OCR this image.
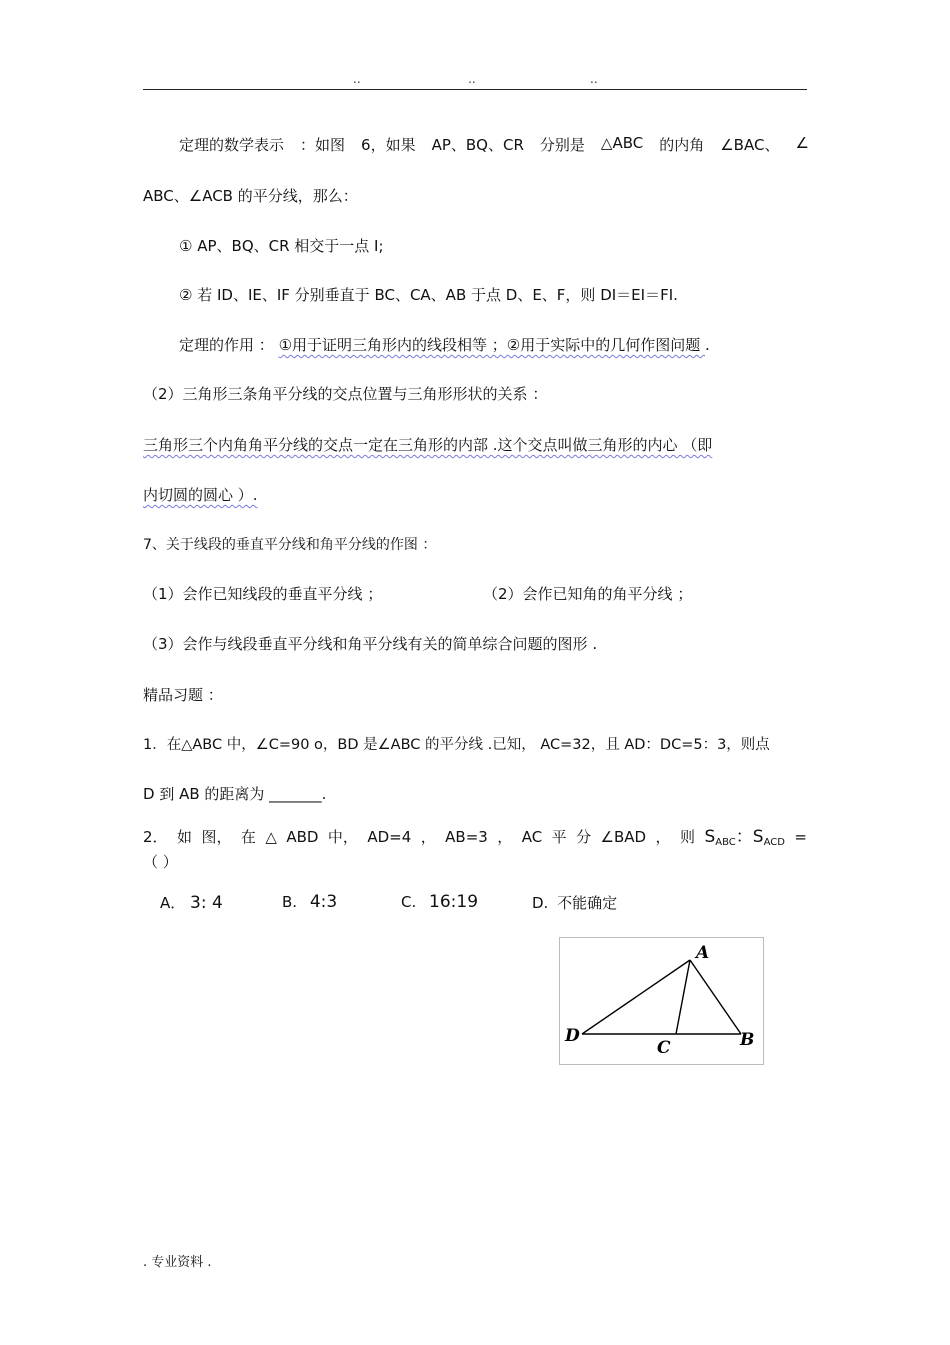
..	..	..
定理的数学表示 ：如图 6，如果 AP、BQ、CR 分别是 △ABC 的内角 ∠BAC、 ∠
ABC、∠ACB 的平分线，那么：
① AP、BQ、CR 相交于一点 I;
② 若 ID、IE、IF 分别垂直于 BC、CA、AB 于点 D、E、F，则 DI＝EI＝FI.
定理的作用 ： ①用于证明三角形内的线段相等 ；②用于实际中的几何作图问题 .
（2）三角形三条角平分线的交点位置与三角形形状的关系 ：
三角形三个内角角平分线的交点一定在三角形的内部 .这个交点叫做三角形的内心 （即
内切圆的圆心 ）.
7、关于线段的垂直平分线和角平分线的作图 ：
（1）会作已知线段的垂直平分线 ；	（2）会作已知角的角平分线 ；
（3）会作与线段垂直平分线和角平分线有关的简单综合问题的图形 .
精品习题 ：
1．在△ABC 中，∠C=90 o，BD 是∠ABC 的平分线 .已知， AC=32，且 AD：DC=5：3，则点
D 到 AB 的距离为 _______.
2． 如 图， 在 △ ABD 中， AD=4 ， AB=3 ， AC 平 分 ∠BAD ， 则 $S_{ABC}$：$S_{ACD}$ =
（ ）
A． 3: 4	B. 4:3	C. 16:19	D. 不能确定
A
B
C
D
. 专业资料 .
